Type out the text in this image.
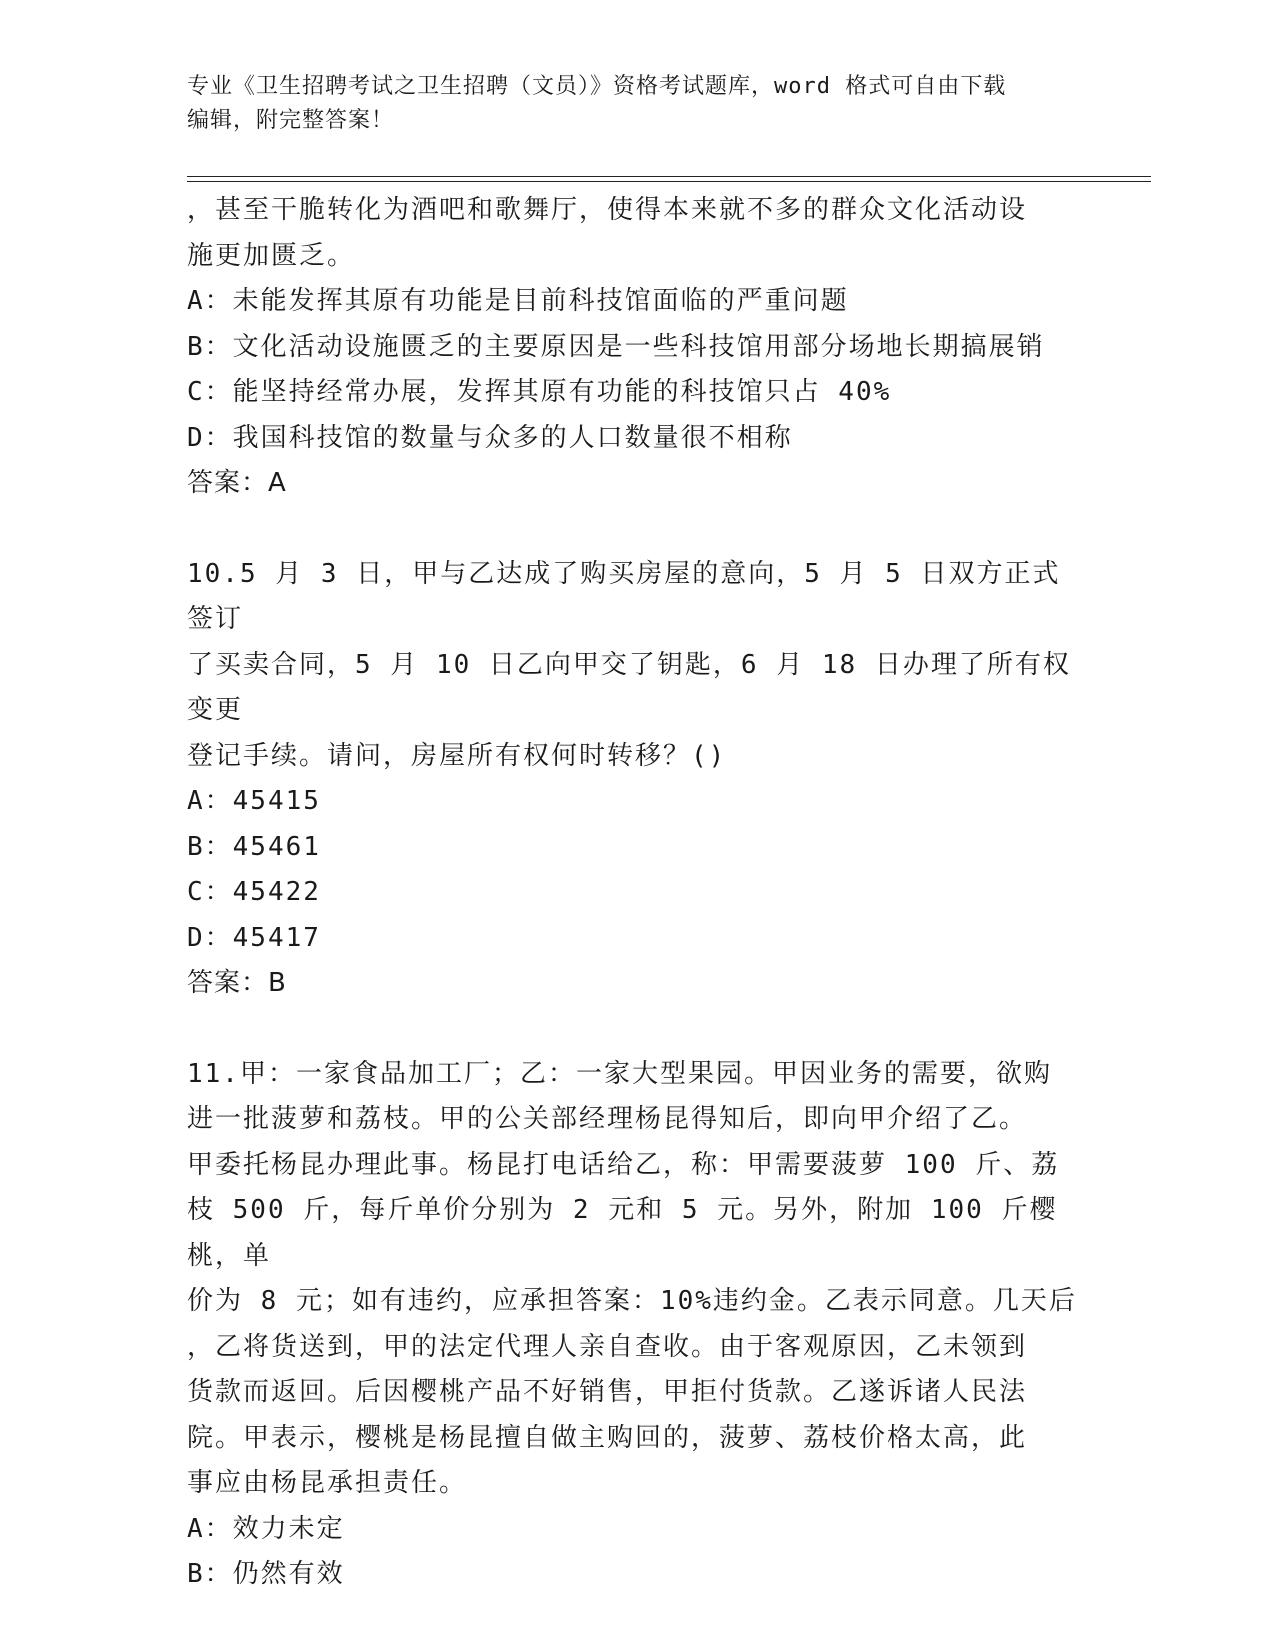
专业《卫生招聘考试之卫生招聘（文员）》资格考试题库，word 格式可自由下载
编辑，附完整答案！

，甚至干脆转化为酒吧和歌舞厅，使得本来就不多的群众文化活动设

施更加匮乏。

A：未能发挥其原有功能是目前科技馆面临的严重问题

B：文化活动设施匮乏的主要原因是一些科技馆用部分场地长期搞展销

C：能坚持经常办展，发挥其原有功能的科技馆只占 40%

D：我国科技馆的数量与众多的人口数量很不相称

答案：A

10.5 月 3 日，甲与乙达成了购买房屋的意向，5 月 5 日双方正式签订

了买卖合同，5 月 10 日乙向甲交了钥匙，6 月 18 日办理了所有权变更

登记手续。请问，房屋所有权何时转移？()

A：45415

B：45461

C：45422

D：45417

答案：B

11.甲：一家食品加工厂；乙：一家大型果园。甲因业务的需要，欲购

进一批菠萝和荔枝。甲的公关部经理杨昆得知后，即向甲介绍了乙。

甲委托杨昆办理此事。杨昆打电话给乙，称：甲需要菠萝 100 斤、荔

枝 500 斤，每斤单价分别为 2 元和 5 元。另外，附加 100 斤樱桃，单

价为 8 元；如有违约，应承担答案：10%违约金。乙表示同意。几天后

，乙将货送到，甲的法定代理人亲自查收。由于客观原因，乙未领到

货款而返回。后因樱桃产品不好销售，甲拒付货款。乙遂诉诸人民法

院。甲表示，樱桃是杨昆擅自做主购回的，菠萝、荔枝价格太高，此

事应由杨昆承担责任。

A：效力未定

B：仍然有效
